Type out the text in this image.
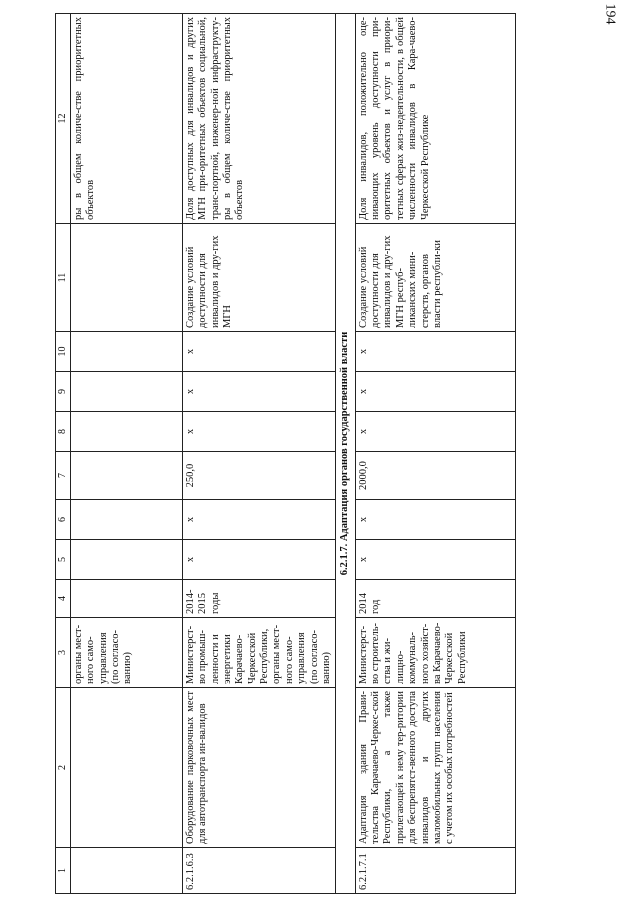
194
1	2	3	4	5	6	7	8	9	10	11	12
		органы мест-ного само-управления (по согласо-ванию)									ры в общем количе-стве приоритетных объектов
6.2.1.6.3	Оборудование парковочных мест для автотранспорта ин-валидов	Министерст-во промыш-ленности и энергетики Карачаево-Черкесской Республики, органы мест-ного само-управления (по согласо-ванию)	2014-2015 годы	х	х	250,0	х	х	х	Создание условий доступности для инвалидов и дру-гих МГН	Доля доступных для инвалидов и других МГН при-оритетных объектов социальной, транс-портной, инженер-ной инфраструкту-ры в общем количе-стве приоритетных объектов
6.2.1.7. Адаптация органов государственной власти											
6.2.1.7.1	Адаптация здания Прави-тельства Карачаево-Черкес-ской Республики, а также прилегающей к нему тер-ритории для беспрепятст-венного доступа инвалидов и других маломобильных групп населения с учетом их особых потребностей	Министерст-во строитель-ства и жи-лищно-коммуналь-ного хозяйст-ва Карачаево-Черкесской Республики	2014 год	х	х	2000,0	х	х	х	Создание условий доступности для инвалидов и дру-гих МГН респуб-ликанских мини-стерств, органов власти республи-ки	Доля инвалидов, положительно оце-нивающих уровень доступности при-оритетных объектов и услуг в приори-тетных сферах жиз-недеятельности, в общей численности инвалидов в Кара-чаево-Черкесской Республике
